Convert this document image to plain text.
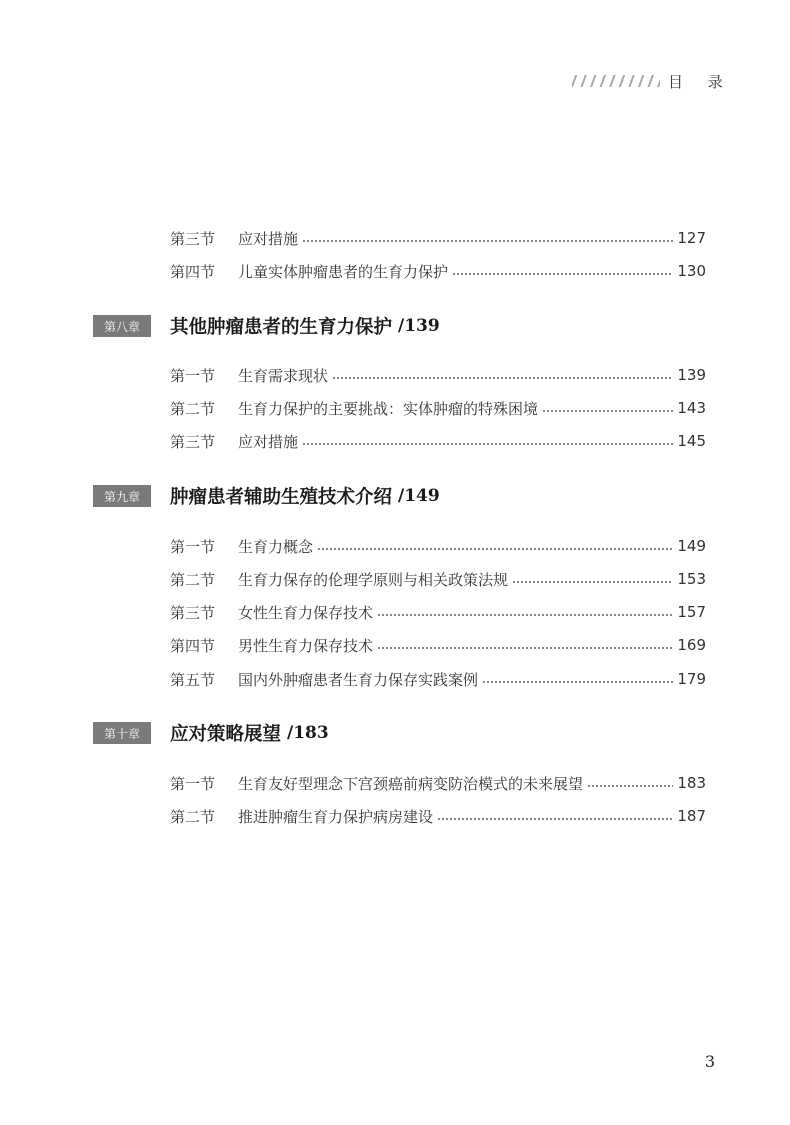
目 录
第三节	应对措施	127
第四节	儿童实体肿瘤患者的生育力保护	130
第八章	其他肿瘤患者的生育力保护 /139
第一节	生育需求现状	139
第二节	生育力保护的主要挑战：实体肿瘤的特殊困境	143
第三节	应对措施	145
第九章	肿瘤患者辅助生殖技术介绍 /149
第一节	生育力概念	149
第二节	生育力保存的伦理学原则与相关政策法规	153
第三节	女性生育力保存技术	157
第四节	男性生育力保存技术	169
第五节	国内外肿瘤患者生育力保存实践案例	179
第十章	应对策略展望 /183
第一节	生育友好型理念下宫颈癌前病变防治模式的未来展望	183
第二节	推进肿瘤生育力保护病房建设	187
3
